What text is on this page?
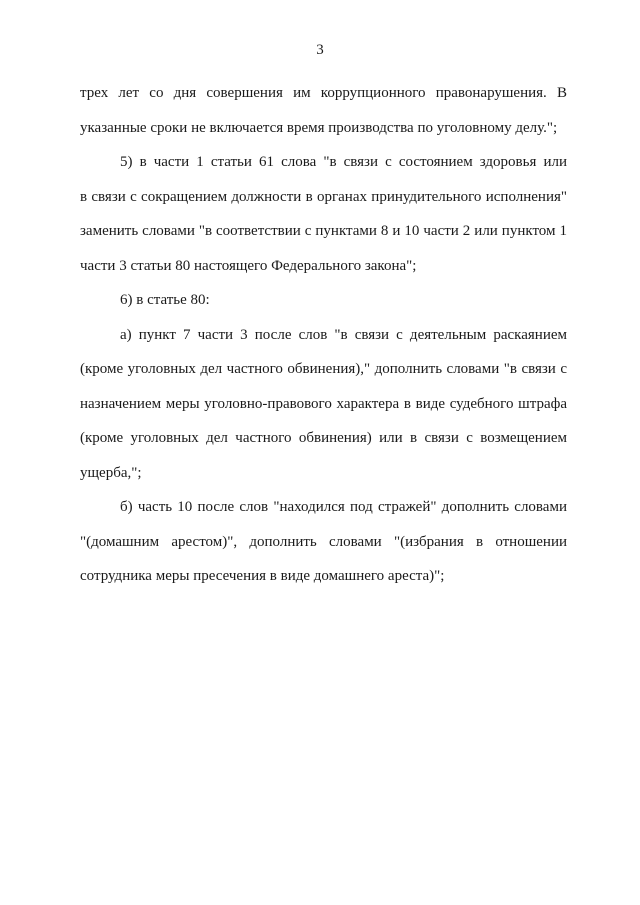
3
трех лет со дня совершения им коррупционного правонарушения. В
указанные сроки не включается время производства по уголовному делу.";
5) в части 1 статьи 61 слова "в связи с состоянием здоровья или
в связи с сокращением должности в органах принудительного исполнения"
заменить словами "в соответствии с пунктами 8 и 10 части 2 или пунктом 1
части 3 статьи 80 настоящего Федерального закона";
6) в статье 80:
а) пункт 7 части 3 после слов "в связи с деятельным раскаянием
(кроме уголовных дел частного обвинения)," дополнить словами "в связи с
назначением меры уголовно-правового характера в виде судебного штрафа
(кроме уголовных дел частного обвинения) или в связи с возмещением
ущерба,";
б) часть 10 после слов "находился под стражей" дополнить словами
"(домашним арестом)", дополнить словами "(избрания в отношении
сотрудника меры пресечения в виде домашнего ареста)";
